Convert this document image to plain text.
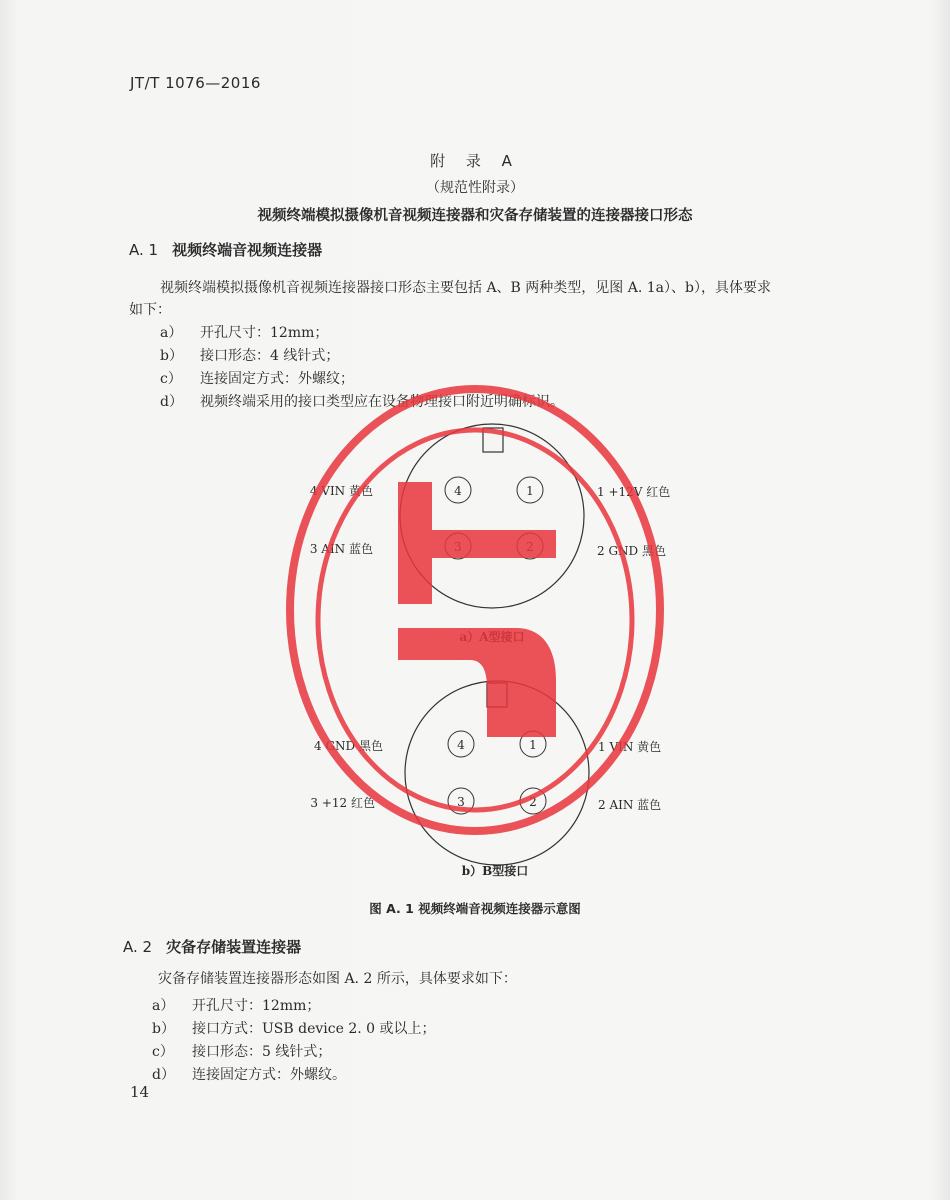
JT/T 1076—2016
附 录 A
（规范性附录）
视频终端模拟摄像机音视频连接器和灾备存储装置的连接器接口形态
A. 1 视频终端音视频连接器
视频终端模拟摄像机音视频连接器接口形态主要包括 A、B 两种类型，见图 A. 1a）、b），具体要求
如下：
a） 开孔尺寸：12mm；
b） 接口形态：4 线针式；
c） 连接固定方式：外螺纹；
d） 视频终端采用的接口类型应在设备物理接口附近明确标识。
4	1
4 VIN 黄色	1 +12V 红色
3 AIN 蓝色	2 GND 黑色
4	1
3	2
4 GND 黑色	1 VIN 黄色
3 +12 红色	2 AIN 蓝色
b）B型接口
图 A. 1 视频终端音视频连接器示意图
A. 2 灾备存储装置连接器
灾备存储装置连接器形态如图 A. 2 所示，具体要求如下：
a） 开孔尺寸：12mm；
b） 接口方式：USB device 2. 0 或以上；
c） 接口形态：5 线针式；
d） 连接固定方式：外螺纹。
14
